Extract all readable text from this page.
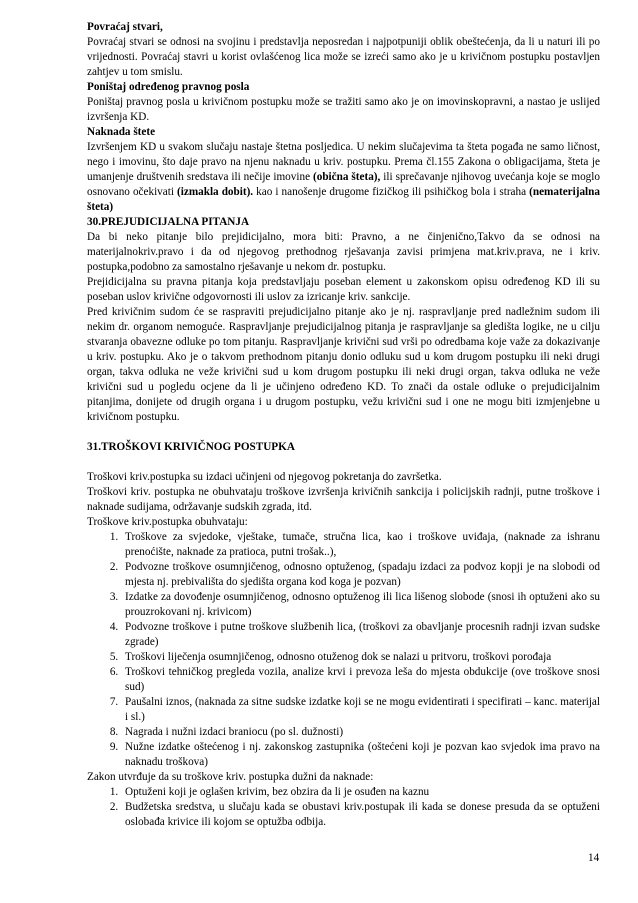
Povraćaj stvari,

Povraćaj stvari se odnosi na svojinu i predstavlja neposredan i najpotpuniji oblik obeštećenja, da li u naturi ili po vrijednosti. Povraćaj stavri u korist ovlašćenog lica može se izreći samo ako je u krivičnom postupku postavljen zahtjev u tom smislu.

Poništaj određenog pravnog posla

Poništaj pravnog posla u krivičnom postupku može se tražiti samo ako je on imovinskopravni, a nastao je uslijed izvršenja KD.

Naknada štete

Izvršenjem KD u svakom slučaju nastaje štetna posljedica. U nekim slučajevima ta šteta pogađa ne samo ličnost, nego i imovinu, što daje pravo na njenu naknadu u kriv. postupku. Prema čl.155 Zakona o obligacijama, šteta je umanjenje društvenih sredstava ili nečije imovine (obična šteta), ili sprečavanje njihovog uvećanja koje se moglo osnovano očekivati (izmakla dobit). kao i nanošenje drugome fizičkog ili psihičkog bola i straha (nematerijalna šteta)

30.PREJUDICIJALNA PITANJA

Da bi neko pitanje bilo prejidicijalno, mora biti: Pravno, a ne činjenično,Takvo da se odnosi na materijalnokriv.pravo i da od njegovog prethodnog rješavanja zavisi primjena mat.kriv.prava, ne i kriv. postupka,podobno za samostalno rješavanje u nekom dr. postupku.

Prejidicijalna su pravna pitanja koja predstavljaju poseban element u zakonskom opisu određenog KD ili su poseban uslov krivične odgovornosti ili uslov za izricanje kriv. sankcije.

Pred krivičnim sudom će se raspraviti prejudicijalno pitanje ako je nj. raspravljanje pred nadležnim sudom ili nekim dr. organom nemoguće. Raspravljanje prejudicijalnog pitanja je raspravljanje sa gledišta logike, ne u cilju stvaranja obavezne odluke po tom pitanju. Raspravljanje krivični sud vrši po odredbama koje važe za dokazivanje u kriv. postupku. Ako je o takvom prethodnom pitanju donio odluku sud u kom drugom postupku ili neki drugi organ, takva odluka ne veže krivični sud u kom drugom postupku ili neki drugi organ, takva odluka ne veže krivični sud u pogledu ocjene da li je učinjeno određeno KD. To znači da ostale odluke o prejudicijalnim pitanjima, donijete od drugih organa i u drugom postupku, vežu krivični sud i one ne mogu biti izmjenjebne u krivičnom postupku.

31.TROŠKOVI KRIVIČNOG POSTUPKA

Troškovi kriv.postupka su izdaci učinjeni od njegovog pokretanja do završetka.

Troškovi kriv. postupka ne obuhvataju troškove izvršenja krivičnih sankcija i policijskih radnji, putne troškove i naknade sudijama, održavanje sudskih zgrada, itd.

Troškove kriv.postupka obuhvataju:

1. Troškove za svjedoke, vještake, tumače, stručna lica, kao i troškove uviđaja, (naknade za ishranu prenoćište, naknade za pratioca, putni trošak..),
2. Podvozne troškove osumnjičenog, odnosno optuženog, (spadaju izdaci za podvoz kopji je na slobodi od mjesta nj. prebivališta do sjedišta organa kod koga je pozvan)
3. Izdatke za dovođenje osumnjičenog, odnosno optuženog ili lica lišenog slobode (snosi ih optuženi ako su prouzrokovani nj. krivicom)
4. Podvozne troškove i putne troškove službenih lica, (troškovi za obavljanje procesnih radnji izvan sudske zgrade)
5. Troškovi liječenja osumnjičenog, odnosno otuženog dok se nalazi u pritvoru, troškovi porođaja
6. Troškovi tehničkog pregleda vozila, analize krvi i prevoza leša do mjesta obdukcije (ove troškove snosi sud)
7. Paušalni iznos, (naknada za sitne sudske izdatke koji se ne mogu evidentirati i specifirati – kanc. materijal i sl.)
8. Nagrada i nužni izdaci braniocu (po sl. dužnosti)
9. Nužne izdatke oštećenog i nj. zakonskog zastupnika (oštećeni koji je pozvan kao svjedok ima pravo na naknadu troškova)

Zakon utvrđuje da su troškove kriv. postupka dužni da naknade:

1. Optuženi koji je oglašen krivim, bez obzira da li je osuđen na kaznu
2. Budžetska sredstva, u slučaju kada se obustavi kriv.postupak ili kada se donese presuda da se optuženi oslobađa krivice ili kojom se optužba odbija.
14
